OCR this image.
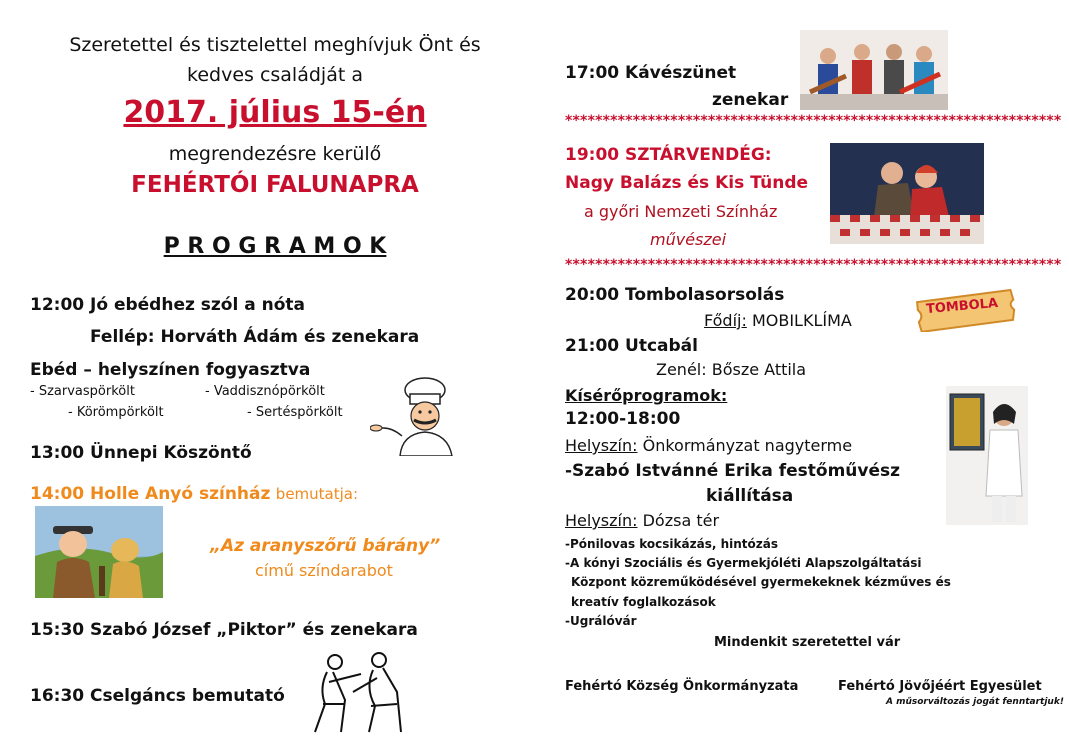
Szeretettel és tisztelettel meghívjuk Önt és
kedves családját a
2017. július 15-én
megrendezésre kerülő
FEHÉRTÓI FALUNAPRA
P R O G R A M O K
12:00 Jó ebédhez szól a nóta
Fellép: Horváth Ádám és zenekara
Ebéd – helyszínen fogyasztva
- Szarvaspörkölt	- Vaddisznópörkölt
- Körömpörkölt	- Sertéspörkölt
13:00 Ünnepi Köszöntő
14:00 Holle Anyó színház bemutatja:
„Az aranyszőrű bárány”
című színdarabot
15:30 Szabó József „Piktor” és zenekara
16:30 Cselgáncs bemutató
17:00 Kávészünet
zenekar
******************************************************************
19:00 SZTÁRVENDÉG:
Nagy Balázs és Kis Tünde
a győri Nemzeti Színház
művészei
******************************************************************
20:00 Tombolasorsolás
Fődíj: MOBILKLÍMA
TOMBOLA
21:00 Utcabál
Zenél: Bősze Attila
Kísérőprogramok:
12:00-18:00
Helyszín: Önkormányzat nagyterme
-Szabó Istvánné Erika festőművész
kiállítása
Helyszín: Dózsa tér
-Pónilovas kocsikázás, hintózás
-A kónyi Szociális és Gyermekjóléti Alapszolgáltatási
Központ közreműködésével gyermekeknek kézműves és
kreatív foglalkozások
-Ugrálóvár
Mindenkit szeretettel vár
Fehértó Község Önkormányzata	Fehértó Jövőjéért Egyesület
A műsorváltozás jogát fenntartjuk!
